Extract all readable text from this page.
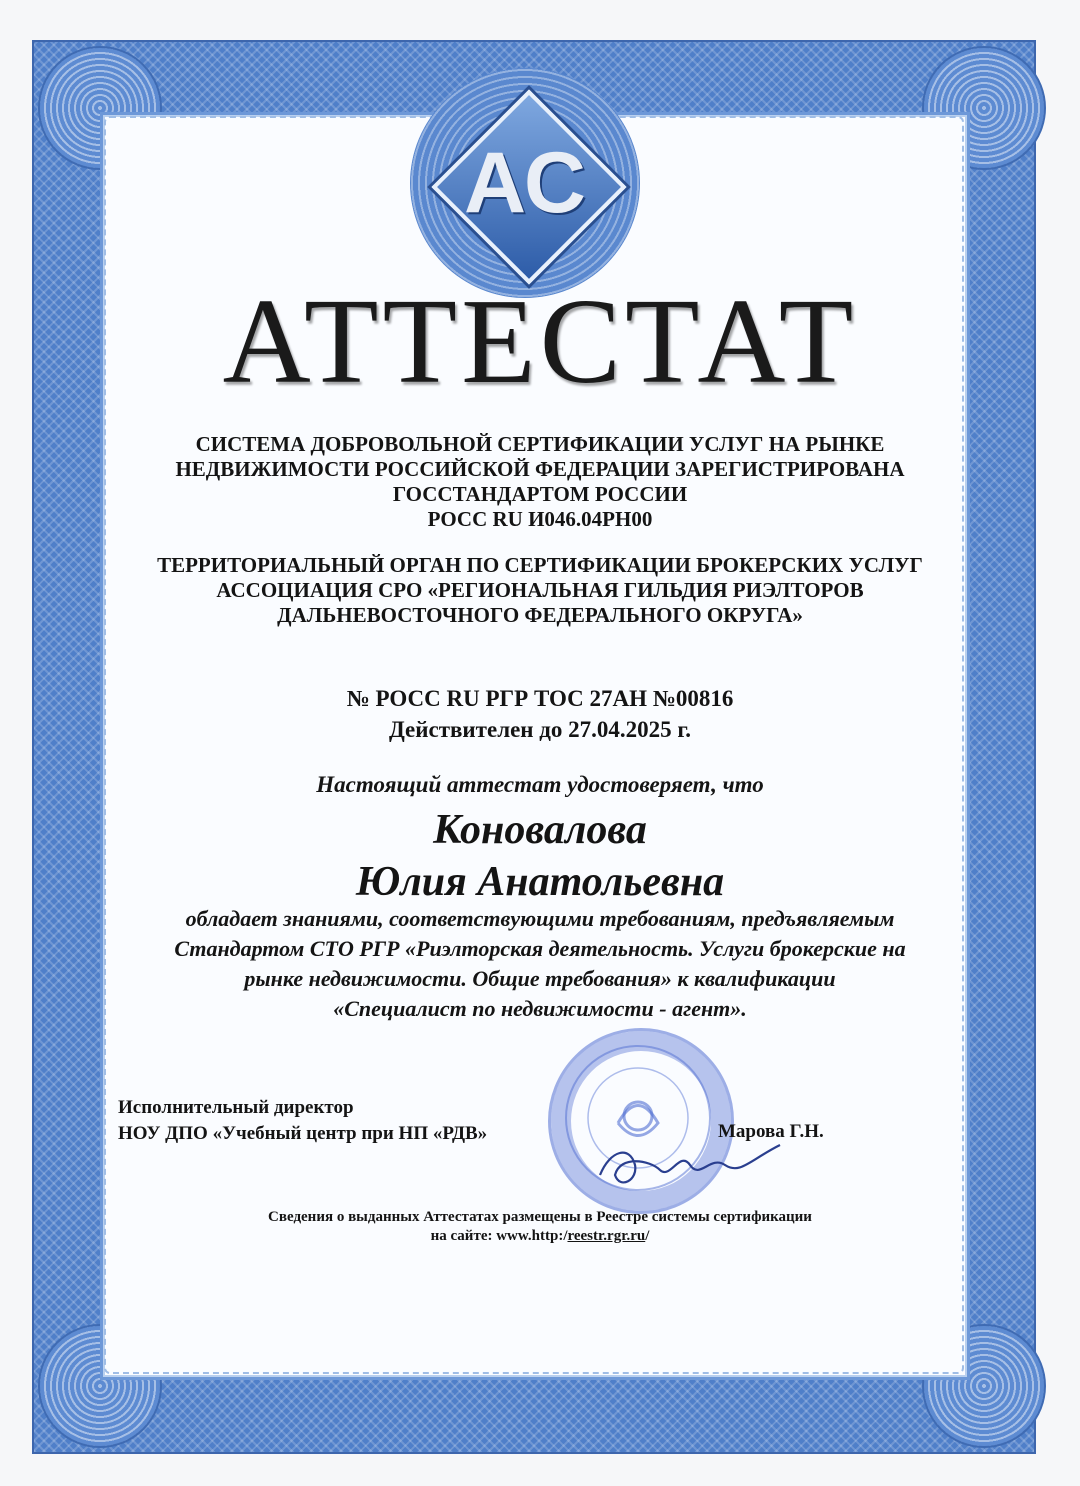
АС
АТТЕСТАТ
СИСТЕМА ДОБРОВОЛЬНОЙ СЕРТИФИКАЦИИ УСЛУГ НА РЫНКЕ
НЕДВИЖИМОСТИ РОССИЙСКОЙ ФЕДЕРАЦИИ ЗАРЕГИСТРИРОВАНА
ГОССТАНДАРТОМ РОССИИ
РОСС RU И046.04РН00
ТЕРРИТОРИАЛЬНЫЙ ОРГАН ПО СЕРТИФИКАЦИИ БРОКЕРСКИХ УСЛУГ
АССОЦИАЦИЯ СРО «РЕГИОНАЛЬНАЯ ГИЛЬДИЯ РИЭЛТОРОВ
ДАЛЬНЕВОСТОЧНОГО ФЕДЕРАЛЬНОГО ОКРУГА»
№ РОСС RU РГР ТОС 27АН №00816
Действителен до 27.04.2025 г.
Настоящий аттестат удостоверяет, что
Коновалова
Юлия Анатольевна
обладает знаниями, соответствующими требованиям, предъявляемым
Стандартом СТО РГР «Риэлторская деятельность. Услуги брокерские на
рынке недвижимости. Общие требования» к квалификации
«Специалист по недвижимости - агент».
Исполнительный директор
НОУ ДПО «Учебный центр при НП «РДВ»	Марова Г.Н.
Сведения о выданных Аттестатах размещены в Реестре системы сертификации
на сайте: www.http:/reestr.rgr.ru/
